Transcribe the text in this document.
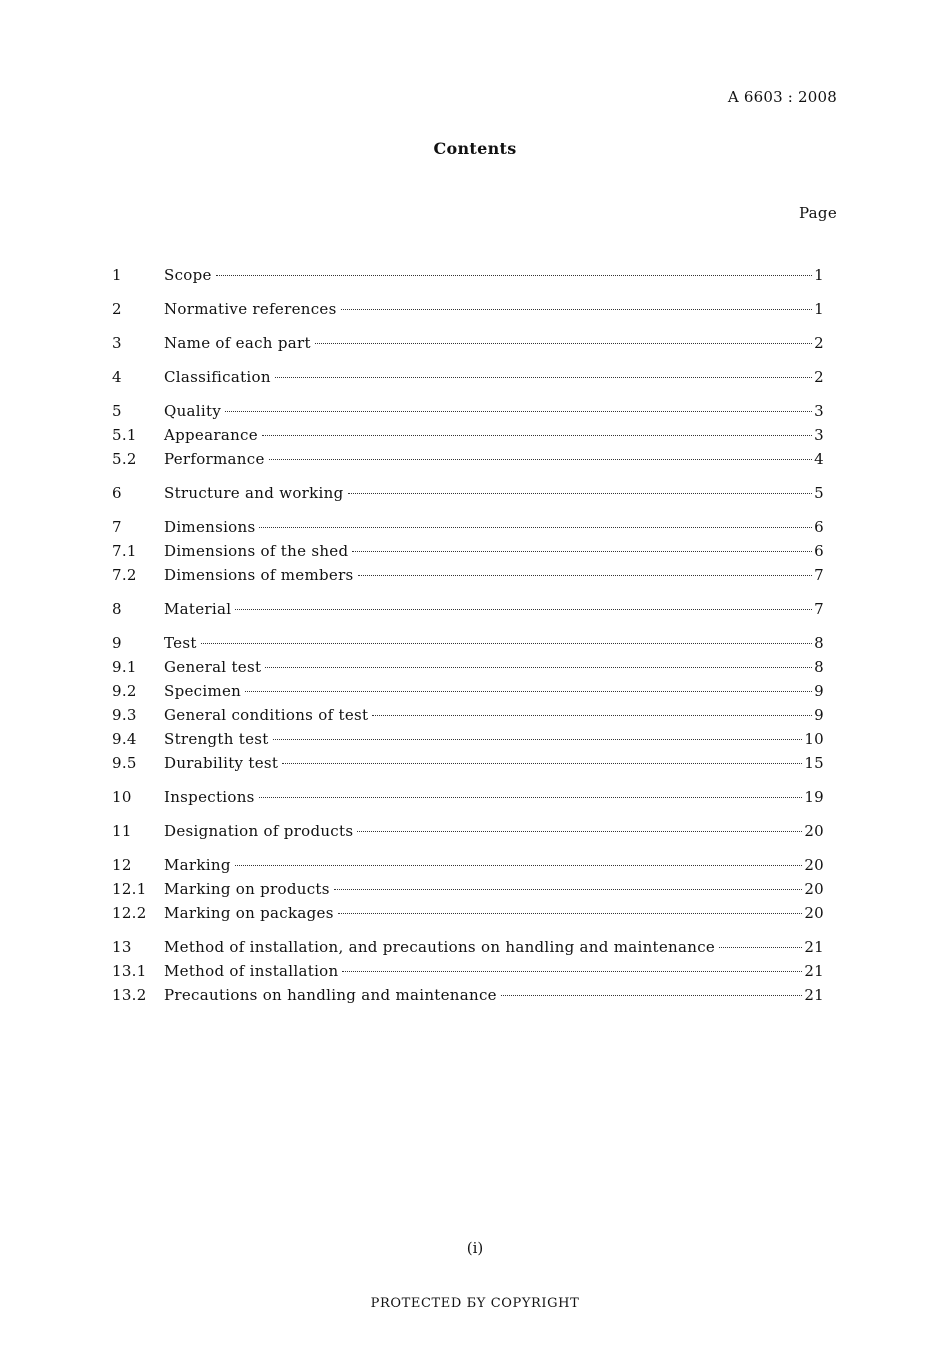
A 6603 : 2008
Contents
Page
1	Scope	1
2	Normative references	1
3	Name of each part	2
4	Classification	2
5	Quality	3
5.1	Appearance	3
5.2	Performance	4
6	Structure and working	5
7	Dimensions	6
7.1	Dimensions of the shed	6
7.2	Dimensions of members	7
8	Material	7
9	Test	8
9.1	General test	8
9.2	Specimen	9
9.3	General conditions of test	9
9.4	Strength test	10
9.5	Durability test	15
10	Inspections	19
11	Designation of products	20
12	Marking	20
12.1	Marking on products	20
12.2	Marking on packages	20
13	Method of installation, and precautions on handling and maintenance	21
13.1	Method of installation	21
13.2	Precautions on handling and maintenance	21
(i)
PROTECTED БY COPYRIGHT
